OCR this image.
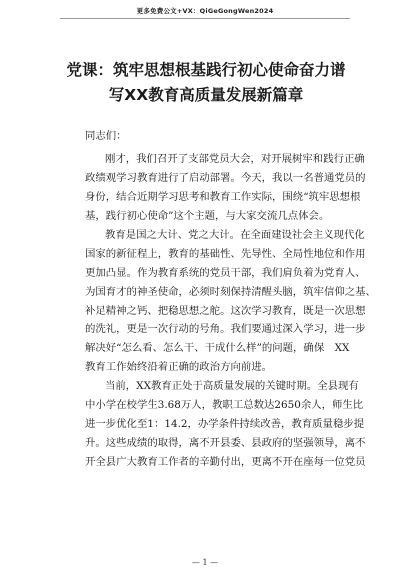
更多免费公文+VX：QiGeGongWen2024
党课：筑牢思想根基践行初心使命奋力谱
写XX教育高质量发展新篇章
同志们：
刚才，我们召开了支部党员大会，对开展树牢和践行正确
政绩观学习教育进行了启动部署。今天，我以一名普通党员的
身份，结合近期学习思考和教育工作实际，围绕“筑牢思想根
基，践行初心使命”这个主题，与大家交流几点体会。
教育是国之大计、党之大计。在全面建设社会主义现代化
国家的新征程上，教育的基础性、先导性、全局性地位和作用
更加凸显。作为教育系统的党员干部，我们肩负着为党育人、
为国育才的神圣使命，必须时刻保持清醒头脑，筑牢信仰之基、
补足精神之钙、把稳思想之舵。这次学习教育，既是一次思想
的洗礼，更是一次行动的号角。我们要通过深入学习，进一步
解决好“怎么看、怎么干、干成什么样”的问题，确保　XX
教育工作始终沿着正确的政治方向前进。
当前，XX教育正处于高质量发展的关键时期。全县现有
中小学在校学生3.68万人，教职工总数达2650余人，师生比
进一步优化至1：14.2，办学条件持续改善，教育质量稳步提
升。这些成绩的取得，离不开县委、县政府的坚强领导，离不
开全县广大教育工作者的辛勤付出，更离不开在座每一位党员
— 1 —
